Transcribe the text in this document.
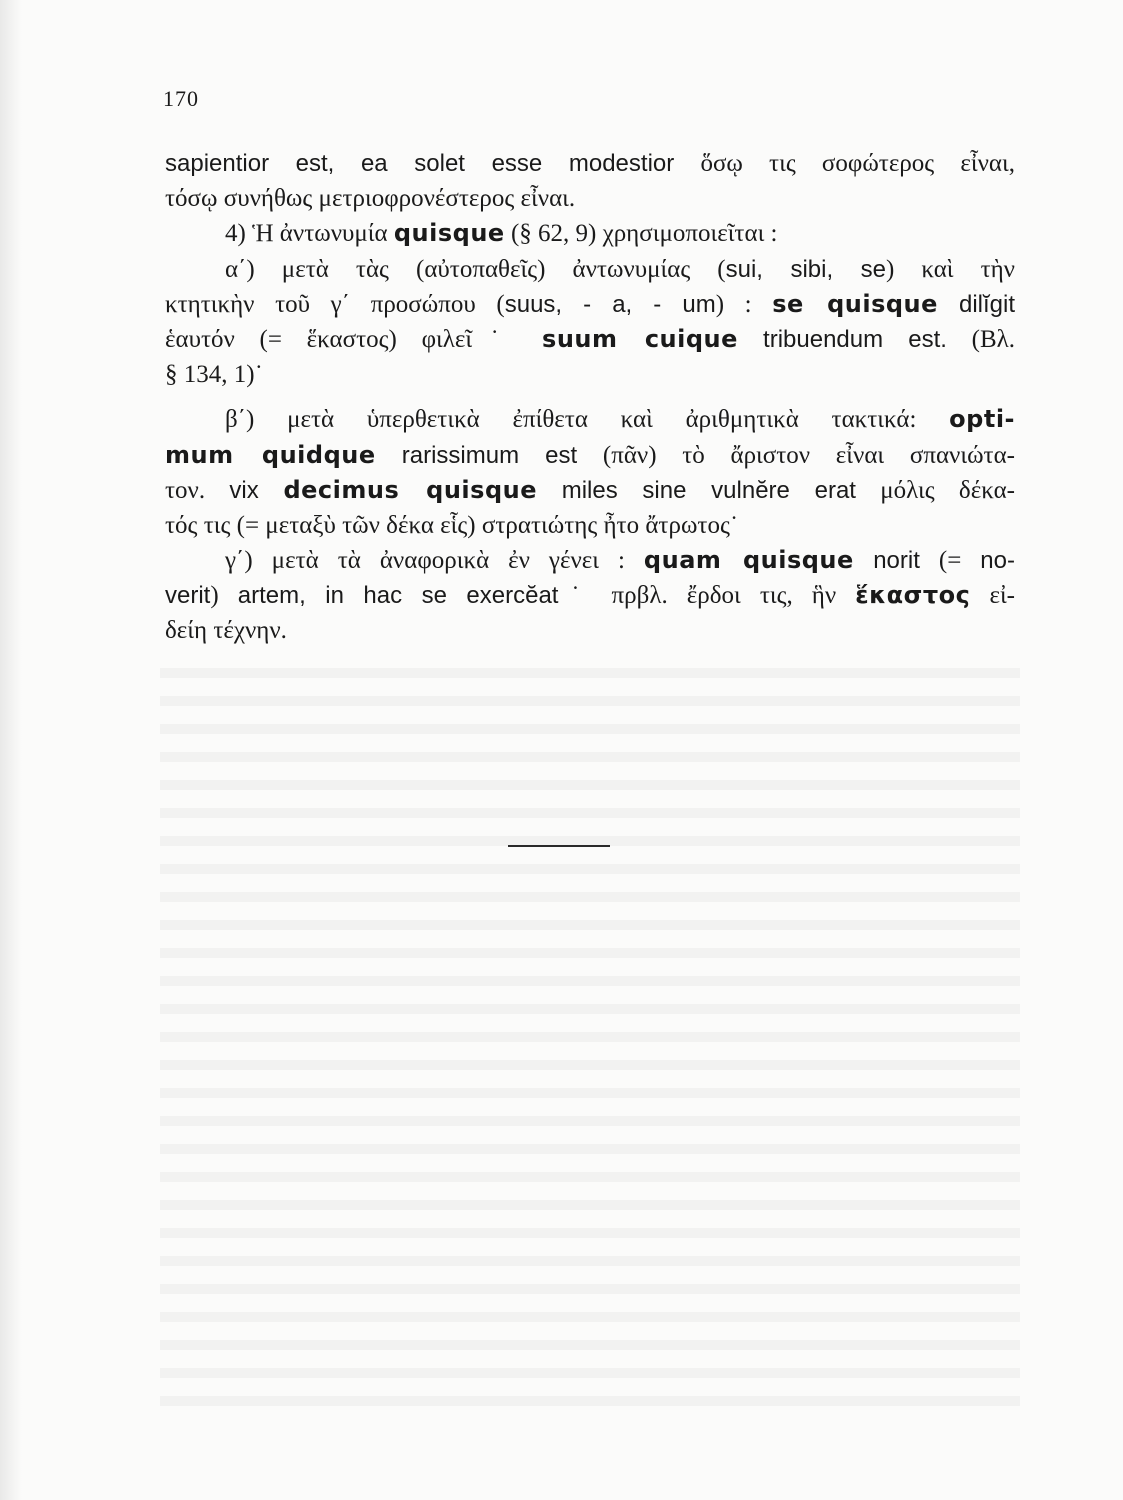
170
sapientior est, ea solet esse modestior ὅσῳ τις σοφώτερος εἶναι,
τόσῳ συνήθως μετριοφρονέστερος εἶναι.
4) Ἡ ἀντωνυμία quisque (§ 62, 9) χρησιμοποιεῖται :
α΄) μετὰ τὰς (αὐτοπαθεῖς) ἀντωνυμίας (sui, sibi, se) καὶ τὴν
κτητικὴν τοῦ γ΄ προσώπου (suus, - a, - um) : se quisque dilĭgit
ἑαυτόν (= ἕκαστος) φιλεῖ˙ suum cuique tribuendum est. (Βλ.
§ 134, 1)˙
β΄) μετὰ ὑπερθετικὰ ἐπίθετα καὶ ἀριθμητικὰ τακτικά: opti-
mum quidque rarissimum est (πᾶν) τὸ ἄριστον εἶναι σπανιώτα-
τον. vix decimus quisque miles sine vulnĕre erat μόλις δέκα-
τός τις (= μεταξὺ τῶν δέκα εἷς) στρατιώτης ἦτο ἄτρωτος˙
γ΄) μετὰ τὰ ἀναφορικὰ ἐν γένει : quam quisque norit (= no-
verit) artem, in hac se exercĕat˙ πρβλ. ἔρδοι τις, ἣν ἕκαστος εἰ-
δείη τέχνην.
